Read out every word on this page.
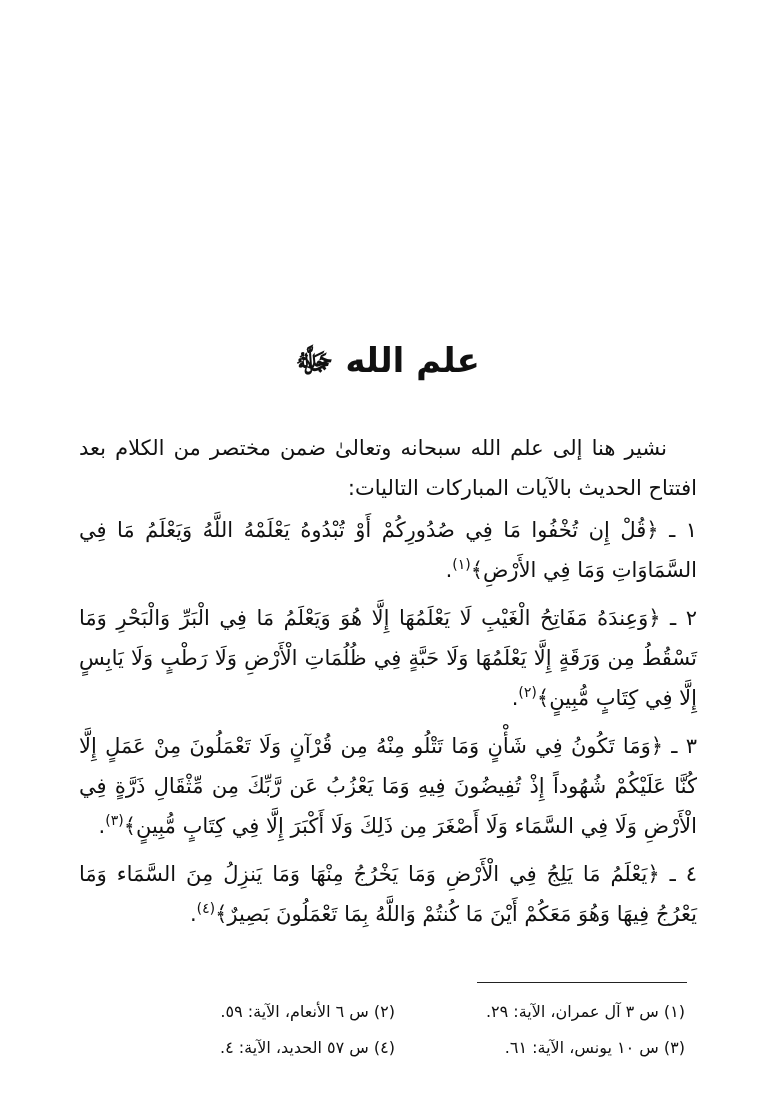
علم الله ﷻ

نشير هنا إلى علم الله سبحانه وتعالىٰ ضمن مختصر من الكلام بعد افتتاح الحديث بالآيات المباركات التاليات:

١ ـ ﴿قُلْ إِن تُخْفُوا مَا فِي صُدُورِكُمْ أَوْ تُبْدُوهُ يَعْلَمْهُ اللَّهُ وَيَعْلَمُ مَا فِي السَّمَاوَاتِ وَمَا فِي الأَرْضِ﴾$^{(١)}$.

٢ ـ ﴿وَعِندَهُ مَفَاتِحُ الْغَيْبِ لَا يَعْلَمُهَا إِلَّا هُوَ وَيَعْلَمُ مَا فِي الْبَرِّ وَالْبَحْرِ وَمَا تَسْقُطُ مِن وَرَقَةٍ إِلَّا يَعْلَمُهَا وَلَا حَبَّةٍ فِي ظُلُمَاتِ الْأَرْضِ وَلَا رَطْبٍ وَلَا يَابِسٍ إِلَّا فِي كِتَابٍ مُّبِينٍ﴾$^{(٢)}$.

٣ ـ ﴿وَمَا تَكُونُ فِي شَأْنٍ وَمَا تَتْلُو مِنْهُ مِن قُرْآنٍ وَلَا تَعْمَلُونَ مِنْ عَمَلٍ إِلَّا كُنَّا عَلَيْكُمْ شُهُوداً إِذْ تُفِيضُونَ فِيهِ وَمَا يَعْزُبُ عَن رَّبِّكَ مِن مِّثْقَالِ ذَرَّةٍ فِي الْأَرْضِ وَلَا فِي السَّمَاء وَلَا أَصْغَرَ مِن ذَلِكَ وَلَا أَكْبَرَ إِلَّا فِي كِتَابٍ مُّبِينٍ﴾$^{(٣)}$.

٤ ـ ﴿يَعْلَمُ مَا يَلِجُ فِي الْأَرْضِ وَمَا يَخْرُجُ مِنْهَا وَمَا يَنزِلُ مِنَ السَّمَاء وَمَا يَعْرُجُ فِيهَا وَهُوَ مَعَكُمْ أَيْنَ مَا كُنتُمْ وَاللَّهُ بِمَا تَعْمَلُونَ بَصِيرٌ﴾$^{(٤)}$.

(١) س ٣ آل عمران، الآية: ٢٩.
(٢) س ٦ الأنعام، الآية: ٥٩.
(٣) س ١٠ يونس، الآية: ٦١.
(٤) س ٥٧ الحديد، الآية: ٤.
